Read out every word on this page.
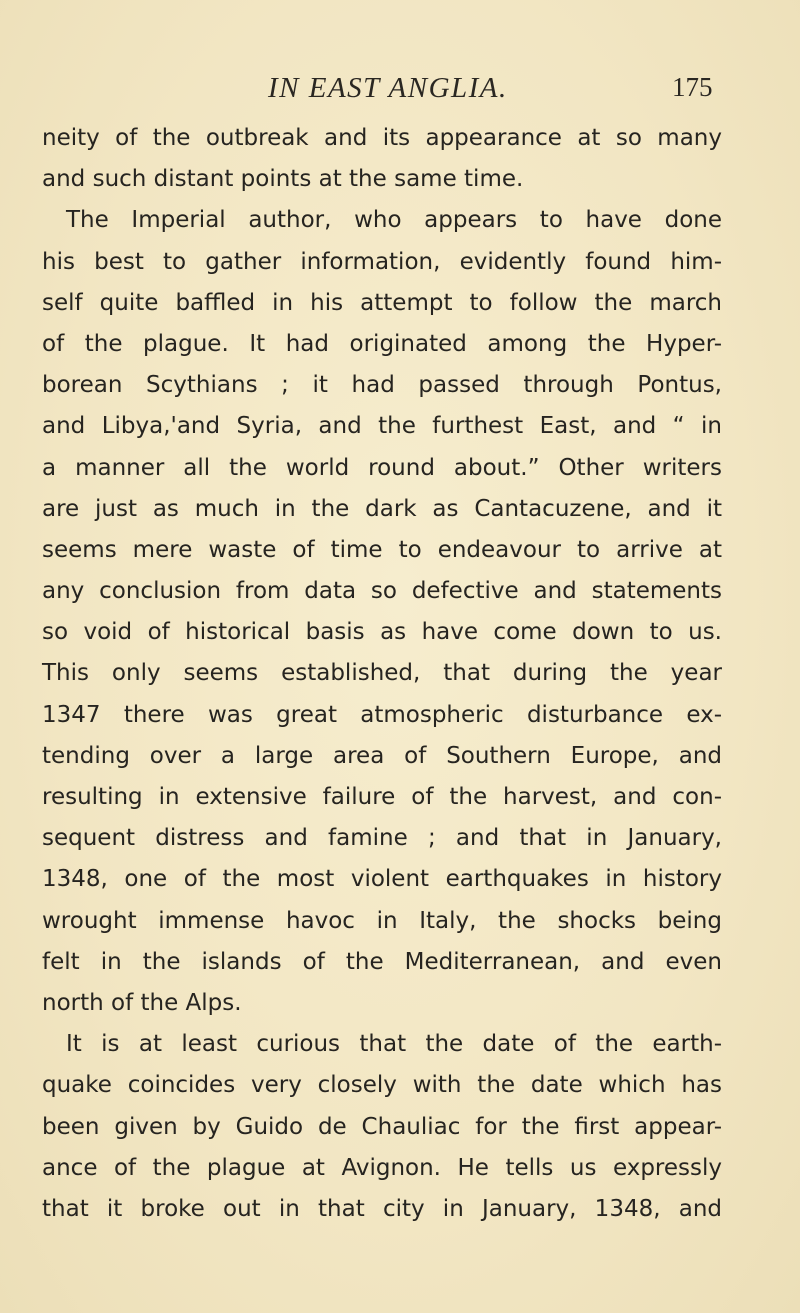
IN EAST ANGLIA.	175
neity of the outbreak and its appearance at so many
and such distant points at the same time.
The Imperial author, who appears to have done
his best to gather information, evidently found him-
self quite baffled in his attempt to follow the march
of the plague. It had originated among the Hyper-
borean Scythians ; it had passed through Pontus,
and Libya,'and Syria, and the furthest East, and “ in
a manner all the world round about.” Other writers
are just as much in the dark as Cantacuzene, and it
seems mere waste of time to endeavour to arrive at
any conclusion from data so defective and statements
so void of historical basis as have come down to us.
This only seems established, that during the year
1347 there was great atmospheric disturbance ex-
tending over a large area of Southern Europe, and
resulting in extensive failure of the harvest, and con-
sequent distress and famine ; and that in January,
1348, one of the most violent earthquakes in history
wrought immense havoc in Italy, the shocks being
felt in the islands of the Mediterranean, and even
north of the Alps.
It is at least curious that the date of the earth-
quake coincides very closely with the date which has
been given by Guido de Chauliac for the first appear-
ance of the plague at Avignon. He tells us expressly
that it broke out in that city in January, 1348, and
